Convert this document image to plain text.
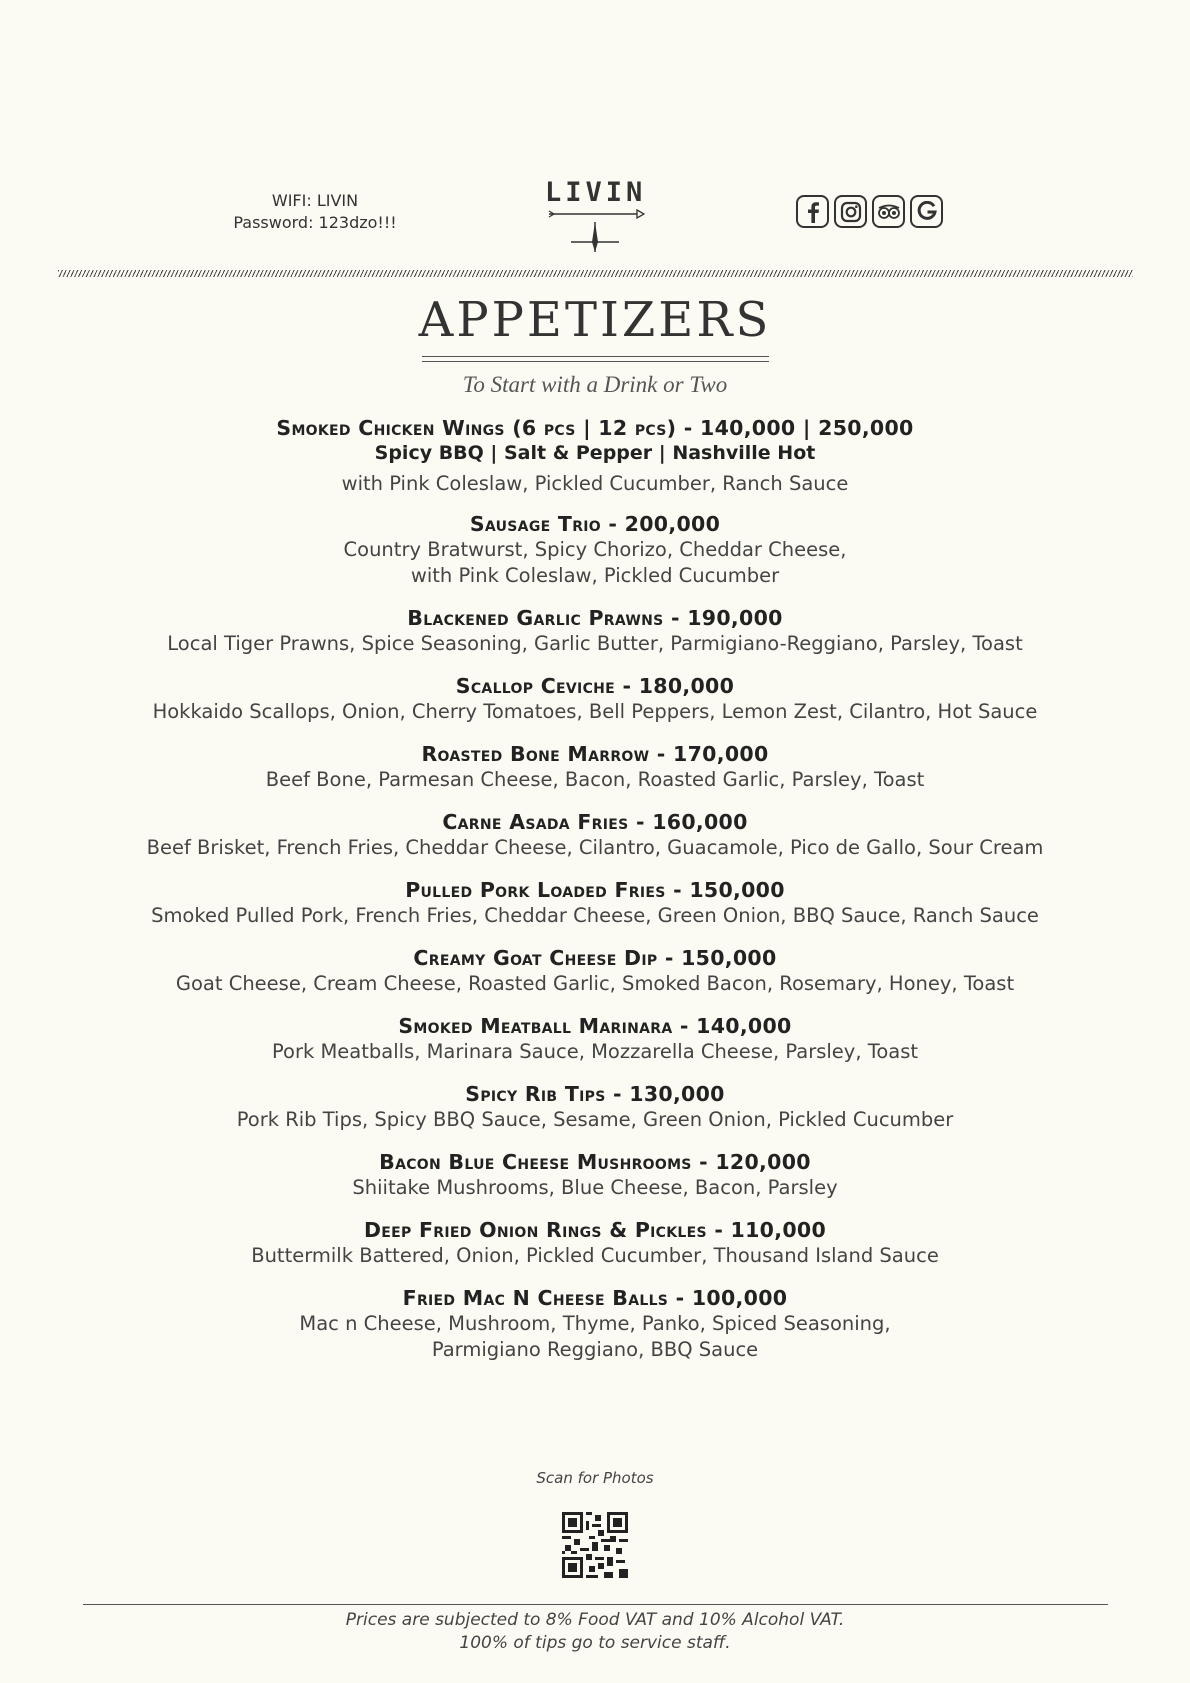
WIFI: LIVIN
Password: 123dzo!!!
LIVIN
APPETIZERS
To Start with a Drink or Two
Smoked Chicken Wings (6 pcs | 12 pcs) - 140,000 | 250,000
Spicy BBQ | Salt & Pepper | Nashville Hot
with Pink Coleslaw, Pickled Cucumber, Ranch Sauce
Sausage Trio - 200,000
Country Bratwurst, Spicy Chorizo, Cheddar Cheese,
with Pink Coleslaw, Pickled Cucumber
Blackened Garlic Prawns - 190,000
Local Tiger Prawns, Spice Seasoning, Garlic Butter, Parmigiano-Reggiano, Parsley, Toast
Scallop Ceviche - 180,000
Hokkaido Scallops, Onion, Cherry Tomatoes, Bell Peppers, Lemon Zest, Cilantro, Hot Sauce
Roasted Bone Marrow - 170,000
Beef Bone, Parmesan Cheese, Bacon, Roasted Garlic, Parsley, Toast
Carne Asada Fries - 160,000
Beef Brisket, French Fries, Cheddar Cheese, Cilantro, Guacamole, Pico de Gallo, Sour Cream
Pulled Pork Loaded Fries - 150,000
Smoked Pulled Pork, French Fries, Cheddar Cheese, Green Onion, BBQ Sauce, Ranch Sauce
Creamy Goat Cheese Dip - 150,000
Goat Cheese, Cream Cheese, Roasted Garlic, Smoked Bacon, Rosemary, Honey, Toast
Smoked Meatball Marinara - 140,000
Pork Meatballs, Marinara Sauce, Mozzarella Cheese, Parsley, Toast
Spicy Rib Tips - 130,000
Pork Rib Tips, Spicy BBQ Sauce, Sesame, Green Onion, Pickled Cucumber
Bacon Blue Cheese Mushrooms - 120,000
Shiitake Mushrooms, Blue Cheese, Bacon, Parsley
Deep Fried Onion Rings & Pickles - 110,000
Buttermilk Battered, Onion, Pickled Cucumber, Thousand Island Sauce
Fried Mac N Cheese Balls - 100,000
Mac n Cheese, Mushroom, Thyme, Panko, Spiced Seasoning,
Parmigiano Reggiano, BBQ Sauce
Scan for Photos
Prices are subjected to 8% Food VAT and 10% Alcohol VAT.
100% of tips go to service staff.
